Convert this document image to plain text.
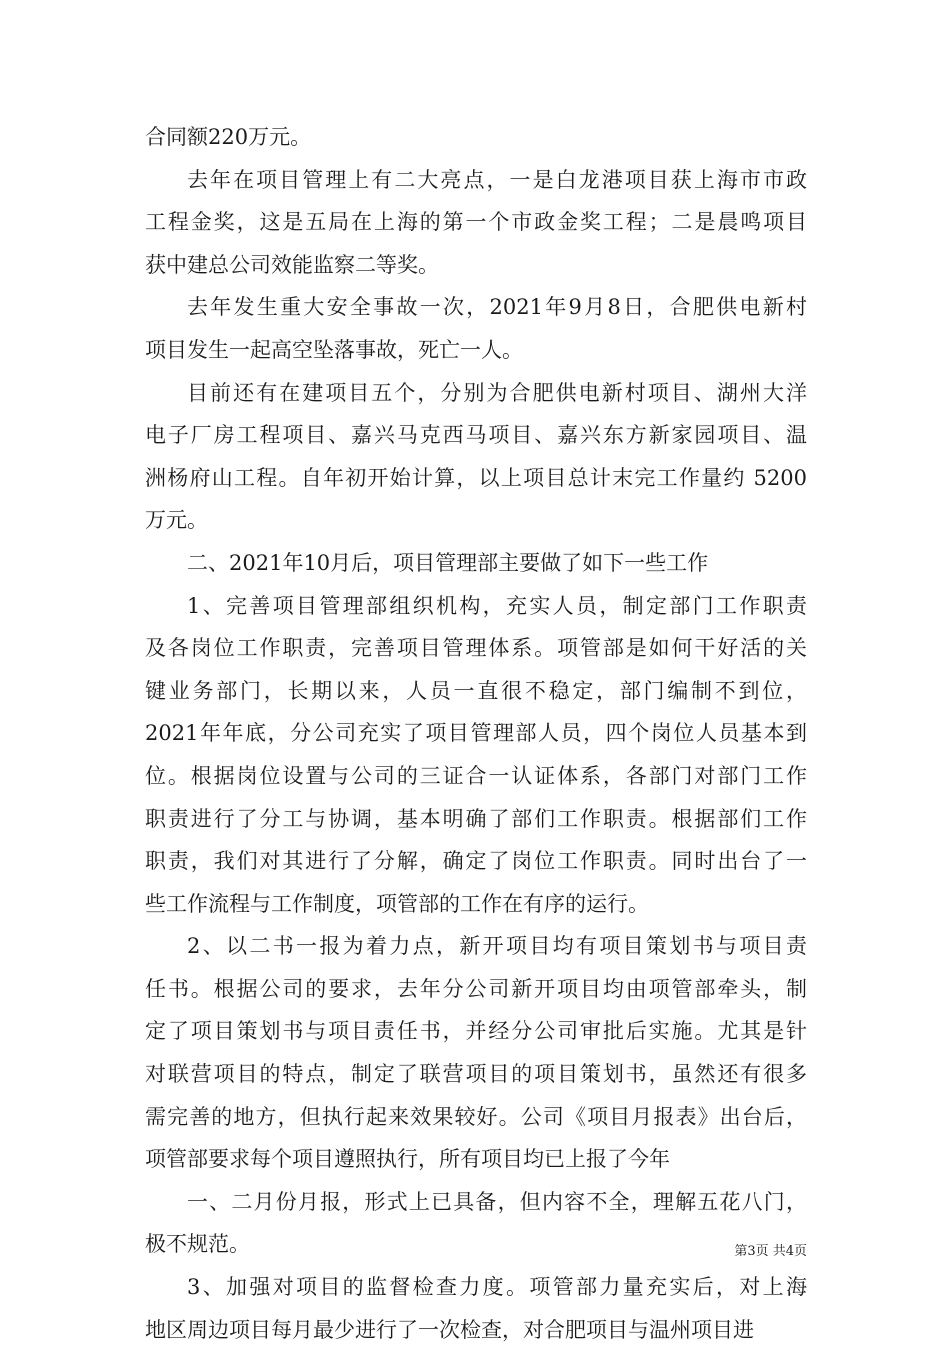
合同额220万元。
去年在项目管理上有二大亮点，一是白龙港项目获上海市市政
工程金奖，这是五局在上海的第一个市政金奖工程；二是晨鸣项目
获中建总公司效能监察二等奖。
去年发生重大安全事故一次，2021年9月8日，合肥供电新村
项目发生一起高空坠落事故，死亡一人。
目前还有在建项目五个，分别为合肥供电新村项目、湖州大洋
电子厂房工程项目、嘉兴马克西马项目、嘉兴东方新家园项目、温
洲杨府山工程。自年初开始计算，以上项目总计末完工作量约 5200
万元。
二、2021年10月后，项目管理部主要做了如下一些工作
1、完善项目管理部组织机构，充实人员，制定部门工作职责
及各岗位工作职责，完善项目管理体系。项管部是如何干好活的关
键业务部门，长期以来，人员一直很不稳定，部门编制不到位，
2021年年底，分公司充实了项目管理部人员，四个岗位人员基本到
位。根据岗位设置与公司的三证合一认证体系，各部门对部门工作
职责进行了分工与协调，基本明确了部们工作职责。根据部们工作
职责，我们对其进行了分解，确定了岗位工作职责。同时出台了一
些工作流程与工作制度，项管部的工作在有序的运行。
2、以二书一报为着力点，新开项目均有项目策划书与项目责
任书。根据公司的要求，去年分公司新开项目均由项管部牵头，制
定了项目策划书与项目责任书，并经分公司审批后实施。尤其是针
对联营项目的特点，制定了联营项目的项目策划书，虽然还有很多
需完善的地方，但执行起来效果较好。公司《项目月报表》出台后，
项管部要求每个项目遵照执行，所有项目均已上报了今年
一、二月份月报，形式上已具备，但内容不全，理解五花八门，
极不规范。
3、加强对项目的监督检查力度。项管部力量充实后，对上海
地区周边项目每月最少进行了一次检查，对合肥项目与温州项目进
第3页 共4页
